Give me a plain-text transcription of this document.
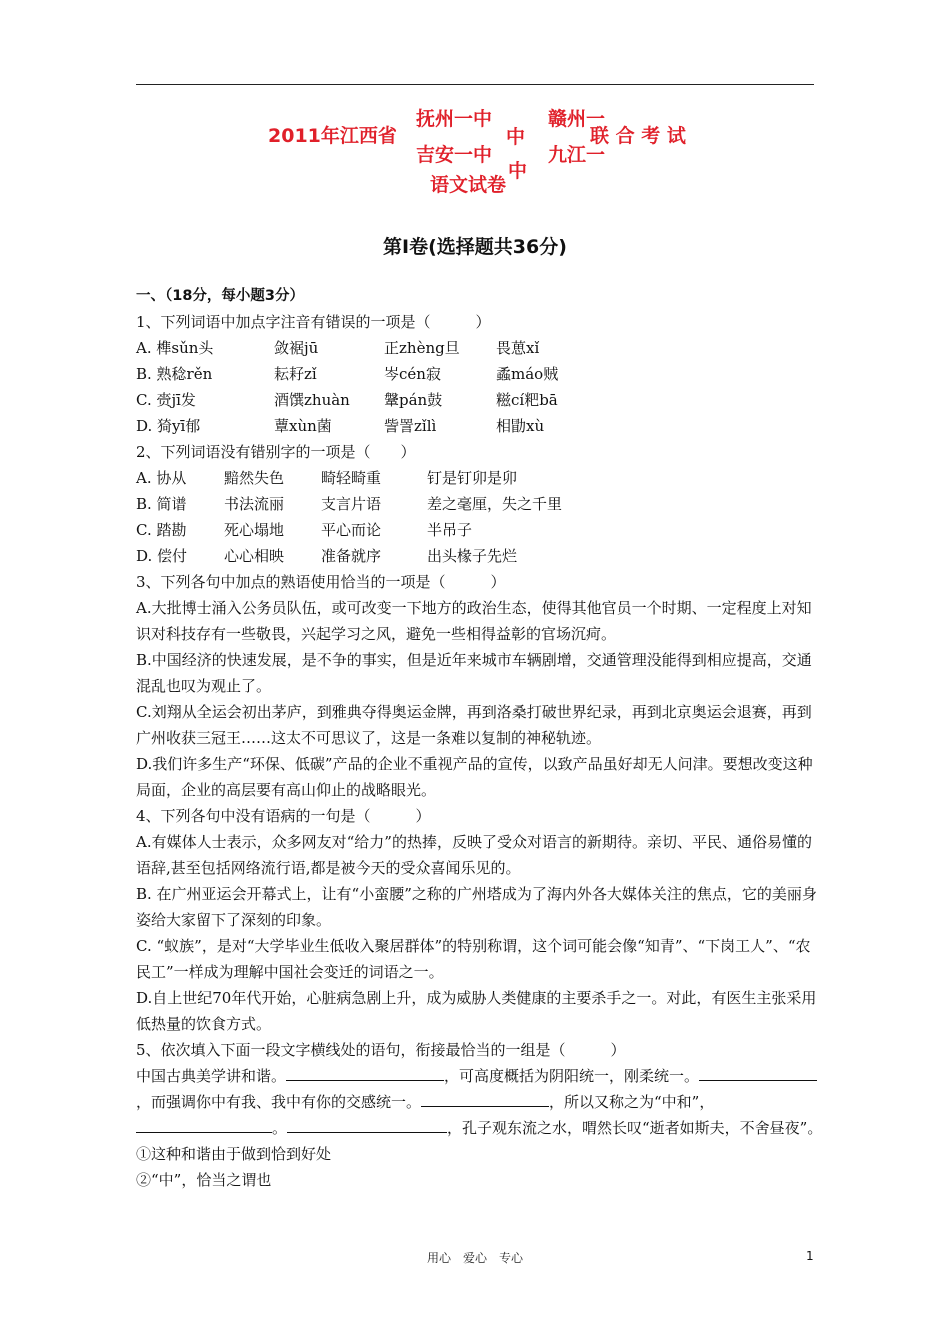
2011年江西省
抚州一中
吉安一中
中
中
赣州一
九江一
联 合 考 试
语文试卷
第Ⅰ卷(选择题共36分)
一、（18分，每小题3分）
1、下列词语中加点字注音有错误的一项是（　　　）
A. 榫sǔn头	敛裾jū	正zhèng旦	畏葸xǐ
B. 熟稔rěn	耘耔zǐ	岑cén寂	蟊máo贼
C. 赍jī发	酒馔zhuàn	鞶pán鼓	糍cí粑bā
D. 猗yī郁	蕈xùn菌	訾詈zǐlì	相勖xù
2、下列词语没有错别字的一项是（　　）
A. 协从	黯然失色	畸轻畸重	钉是钉卯是卯
B. 简谱	书法流丽	支言片语	差之毫厘，失之千里
C. 踏勘	死心塌地	平心而论	半吊子
D. 偿付	心心相映	准备就序	出头椽子先烂
3、下列各句中加点的熟语使用恰当的一项是（　　　）
A.大批博士涌入公务员队伍，或可改变一下地方的政治生态，使得其他官员一个时期、一定程度上对知识对科技存有一些敬畏，兴起学习之风，避免一些相得益彰的官场沉疴。
B.中国经济的快速发展，是不争的事实，但是近年来城市车辆剧增，交通管理没能得到相应提高，交通混乱也叹为观止了。
C.刘翔从全运会初出茅庐，到雅典夺得奥运金牌，再到洛桑打破世界纪录，再到北京奥运会退赛，再到广州收获三冠王……这太不可思议了，这是一条难以复制的神秘轨迹。
D.我们许多生产“环保、低碳”产品的企业不重视产品的宣传，以致产品虽好却无人问津。要想改变这种局面，企业的高层要有高山仰止的战略眼光。
4、下列各句中没有语病的一句是（　　　）
A.有媒体人士表示，众多网友对“给力”的热捧，反映了受众对语言的新期待。亲切、平民、通俗易懂的语辞,甚至包括网络流行语,都是被今天的受众喜闻乐见的。
B. 在广州亚运会开幕式上，让有“小蛮腰”之称的广州塔成为了海内外各大媒体关注的焦点，它的美丽身姿给大家留下了深刻的印象。
C. “蚁族”，是对“大学毕业生低收入聚居群体”的特别称谓，这个词可能会像“知青”、“下岗工人”、“农民工”一样成为理解中国社会变迁的词语之一。
D.自上世纪70年代开始，心脏病急剧上升，成为威胁人类健康的主要杀手之一。对此，有医生主张采用低热量的饮食方式。
5、依次填入下面一段文字横线处的语句，衔接最恰当的一组是（　　　）
中国古典美学讲和谐。	，可高度概括为阴阳统一，刚柔统一。，而强调你中有我、我中有你的交感统一。	，所以又称之为“中和”，。	，孔子观东流之水，喟然长叹“逝者如斯夫，不舍昼夜”。
①这种和谐由于做到恰到好处
②“中”，恰当之谓也
用心　爱心　专心	1
